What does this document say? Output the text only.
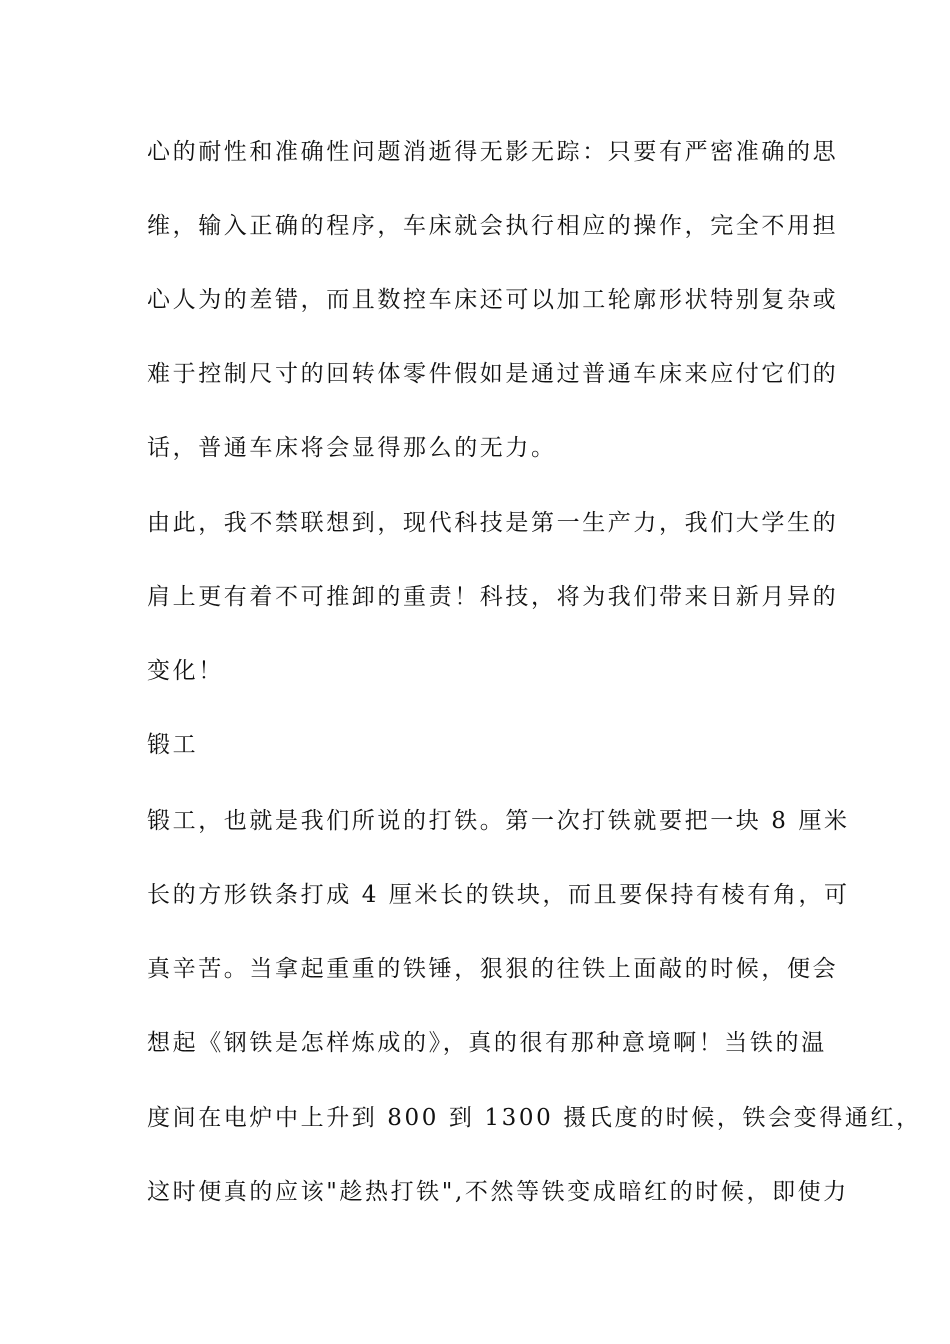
心的耐性和准确性问题消逝得无影无踪：只要有严密准确的思
维，输入正确的程序，车床就会执行相应的操作，完全不用担
心人为的差错，而且数控车床还可以加工轮廓形状特别复杂或
难于控制尺寸的回转体零件假如是通过普通车床来应付它们的
话，普通车床将会显得那么的无力。
由此，我不禁联想到，现代科技是第一生产力，我们大学生的
肩上更有着不可推卸的重责！科技，将为我们带来日新月异的
变化！
锻工
锻工，也就是我们所说的打铁。第一次打铁就要把一块 8 厘米
长的方形铁条打成 4 厘米长的铁块，而且要保持有棱有角，可
真辛苦。当拿起重重的铁锤，狠狠的往铁上面敲的时候，便会
想起《钢铁是怎样炼成的》，真的很有那种意境啊！当铁的温
度间在电炉中上升到 800 到 1300 摄氏度的时候，铁会变得通红，
这时便真的应该"趁热打铁",不然等铁变成暗红的时候，即使力
